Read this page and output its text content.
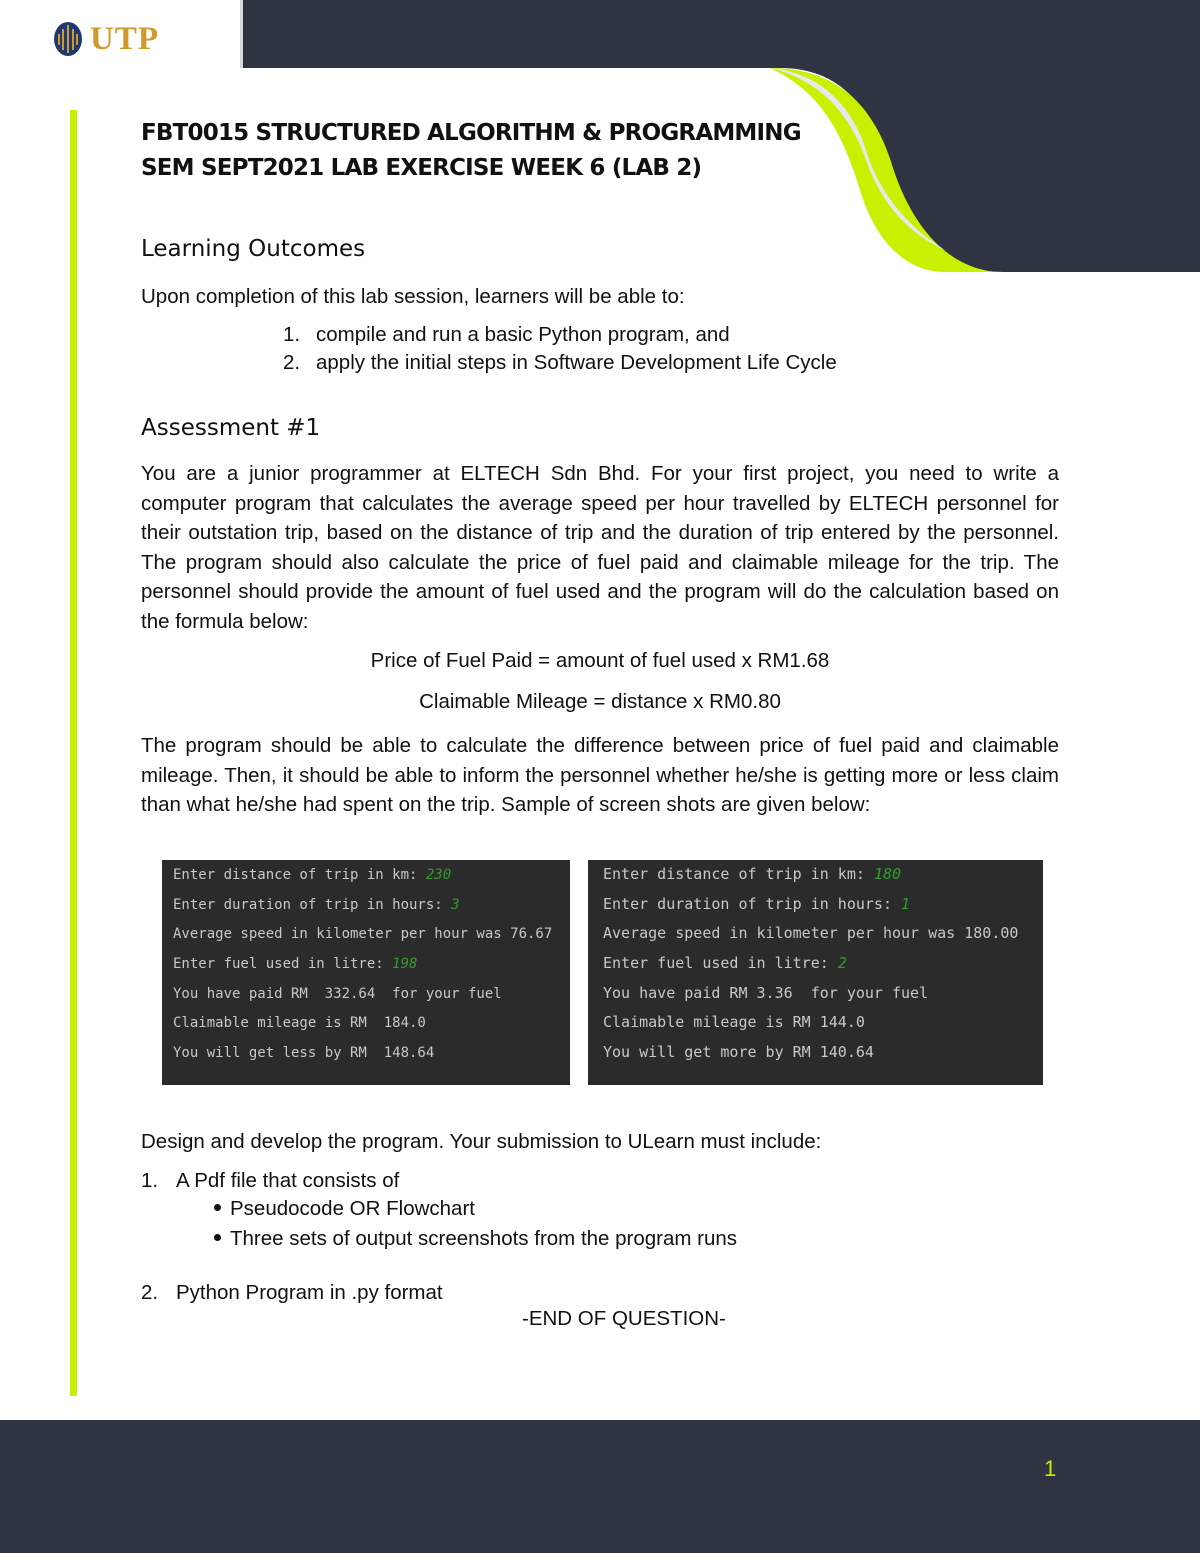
UTP
FBT0015 STRUCTURED ALGORITHM & PROGRAMMING
SEM SEPT2021 LAB EXERCISE WEEK 6 (LAB 2)
Learning Outcomes
Upon completion of this lab session, learners will be able to:
1. compile and run a basic Python program, and
2. apply the initial steps in Software Development Life Cycle
Assessment #1
You are a junior programmer at ELTECH Sdn Bhd. For your first project, you need to write a computer program that calculates the average speed per hour travelled by ELTECH personnel for their outstation trip, based on the distance of trip and the duration of trip entered by the personnel. The program should also calculate the price of fuel paid and claimable mileage for the trip. The personnel should provide the amount of fuel used and the program will do the calculation based on the formula below:
Price of Fuel Paid = amount of fuel used x RM1.68
Claimable Mileage = distance x RM0.80
The program should be able to calculate the difference between price of fuel paid and claimable mileage. Then, it should be able to inform the personnel whether he/she is getting more or less claim than what he/she had spent on the trip. Sample of screen shots are given below:
Enter distance of trip in km: 230
Enter duration of trip in hours: 3
Average speed in kilometer per hour was 76.67
Enter fuel used in litre: 198
You have paid RM  332.64  for your fuel
Claimable mileage is RM  184.0
You will get less by RM  148.64
Enter distance of trip in km: 180
Enter duration of trip in hours: 1
Average speed in kilometer per hour was 180.00
Enter fuel used in litre: 2
You have paid RM 3.36  for your fuel
Claimable mileage is RM 144.0
You will get more by RM 140.64
Design and develop the program. Your submission to ULearn must include:
1. A Pdf file that consists of
Pseudocode OR Flowchart
Three sets of output screenshots from the program runs
2. Python Program in .py format
-END OF QUESTION-
1
